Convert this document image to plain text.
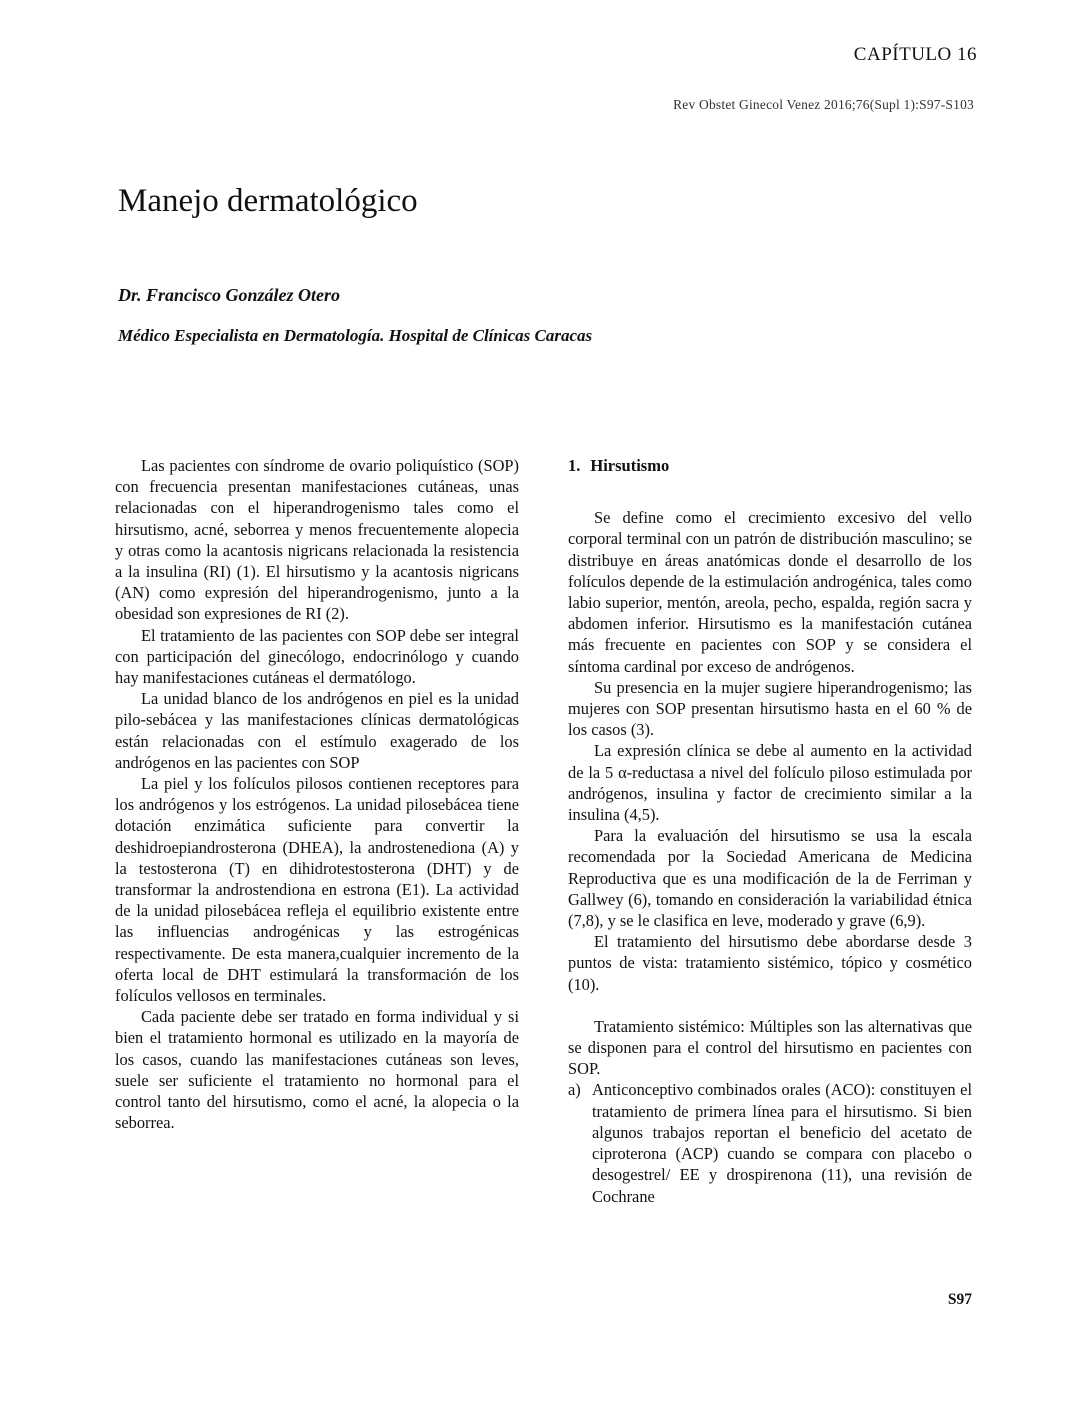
CAPÍTULO 16
Rev Obstet Ginecol Venez 2016;76(Supl 1):S97-S103
Manejo dermatológico
Dr. Francisco González Otero
Médico Especialista en Dermatología. Hospital de Clínicas Caracas

Las pacientes con síndrome de ovario poliquístico (SOP) con frecuencia presentan manifestaciones cutáneas, unas relacionadas con el hiperandrogenismo tales como el hirsutismo, acné, seborrea y menos frecuentemente alopecia y otras como la acantosis nigricans relacionada la resistencia a la insulina (RI) (1). El hirsutismo y la acantosis nigricans (AN) como expresión del hiperandrogenismo, junto a la obesidad son expresiones de RI (2).

El tratamiento de las pacientes con SOP debe ser integral con participación del ginecólogo, endocrinólogo y cuando hay manifestaciones cutáneas el dermatólogo.

La unidad blanco de los andrógenos en piel es la unidad pilo-sebácea y las manifestaciones clínicas dermatológicas están relacionadas con el estímulo exagerado de los andrógenos en las pacientes con SOP

La piel y los folículos pilosos contienen receptores para los andrógenos y los estrógenos. La unidad pilosebácea tiene dotación enzimática suficiente para convertir la deshidroepiandrosterona (DHEA), la androstenediona (A) y la testosterona (T) en dihidrotestosterona (DHT) y de transformar la androstendiona en estrona (E1). La actividad de la unidad pilosebácea refleja el equilibrio existente entre las influencias androgénicas y las estrogénicas respectivamente. De esta manera,cualquier incremento de la oferta local de DHT estimulará la transformación de los folículos vellosos en terminales.

Cada paciente debe ser tratado en forma individual y si bien el tratamiento hormonal es utilizado en la mayoría de los casos, cuando las manifestaciones cutáneas son leves, suele ser suficiente el tratamiento no hormonal para el control tanto del hirsutismo, como el acné, la alopecia o la seborrea.

1. Hirsutismo

Se define como el crecimiento excesivo del vello corporal terminal con un patrón de distribución masculino; se distribuye en áreas anatómicas donde el desarrollo de los folículos depende de la estimulación androgénica, tales como labio superior, mentón, areola, pecho, espalda, región sacra y abdomen inferior. Hirsutismo es la manifestación cutánea más frecuente en pacientes con SOP y se considera el síntoma cardinal por exceso de andrógenos.

Su presencia en la mujer sugiere hiperandrogenismo; las mujeres con SOP presentan hirsutismo hasta en el 60 % de los casos (3).

La expresión clínica se debe al aumento en la actividad de la 5 α-reductasa a nivel del folículo piloso estimulada por andrógenos, insulina y factor de crecimiento similar a la insulina (4,5).

Para la evaluación del hirsutismo se usa la escala recomendada por la Sociedad Americana de Medicina Reproductiva que es una modificación de la de Ferriman y Gallwey (6), tomando en consideración la variabilidad étnica (7,8), y se le clasifica en leve, moderado y grave (6,9).

El tratamiento del hirsutismo debe abordarse desde 3 puntos de vista: tratamiento sistémico, tópico y cosmético (10).

Tratamiento sistémico: Múltiples son las alternativas que se disponen para el control del hirsutismo en pacientes con SOP.

a) Anticonceptivo combinados orales (ACO): constituyen el tratamiento de primera línea para el hirsutismo. Si bien algunos trabajos reportan el beneficio del acetato de ciproterona (ACP) cuando se compara con placebo o desogestrel/ EE y drospirenona (11), una revisión de Cochrane
S97
